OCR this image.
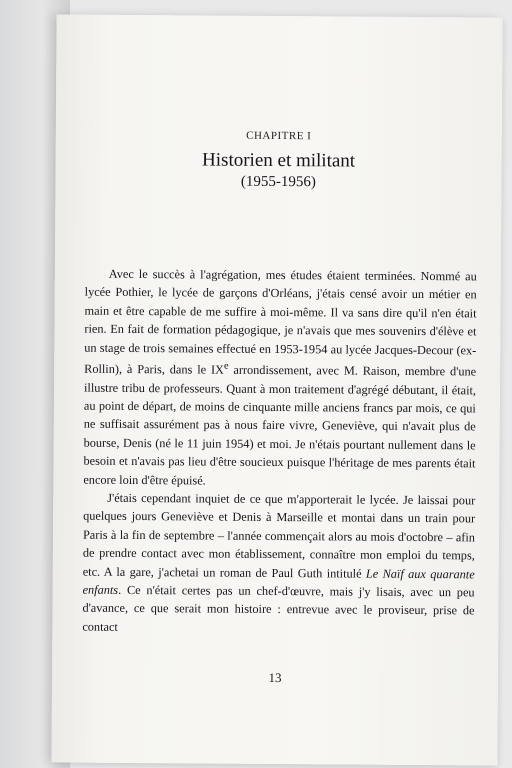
CHAPITRE I
Historien et militant
(1955-1956)

Avec le succès à l'agrégation, mes études étaient terminées. Nommé au lycée Pothier, le lycée de garçons d'Orléans, j'étais censé avoir un métier en main et être capable de me suffire à moi-même. Il va sans dire qu'il n'en était rien. En fait de formation pédagogique, je n'avais que mes souvenirs d'élève et un stage de trois semaines effectué en 1953-1954 au lycée Jacques-Decour (ex-Rollin), à Paris, dans le IXe arrondissement, avec M. Raison, membre d'une illustre tribu de professeurs. Quant à mon traitement d'agrégé débutant, il était, au point de départ, de moins de cinquante mille anciens francs par mois, ce qui ne suffisait assurément pas à nous faire vivre, Geneviève, qui n'avait plus de bourse, Denis (né le 11 juin 1954) et moi. Je n'étais pourtant nullement dans le besoin et n'avais pas lieu d'être soucieux puisque l'héritage de mes parents était encore loin d'être épuisé.

J'étais cependant inquiet de ce que m'apporterait le lycée. Je laissai pour quelques jours Geneviève et Denis à Marseille et montai dans un train pour Paris à la fin de septembre – l'année commençait alors au mois d'octobre – afin de prendre contact avec mon établissement, connaître mon emploi du temps, etc. A la gare, j'achetai un roman de Paul Guth intitulé Le Naïf aux quarante enfants. Ce n'était certes pas un chef-d'œuvre, mais j'y lisais, avec un peu d'avance, ce que serait mon histoire : entrevue avec le proviseur, prise de contact

13
